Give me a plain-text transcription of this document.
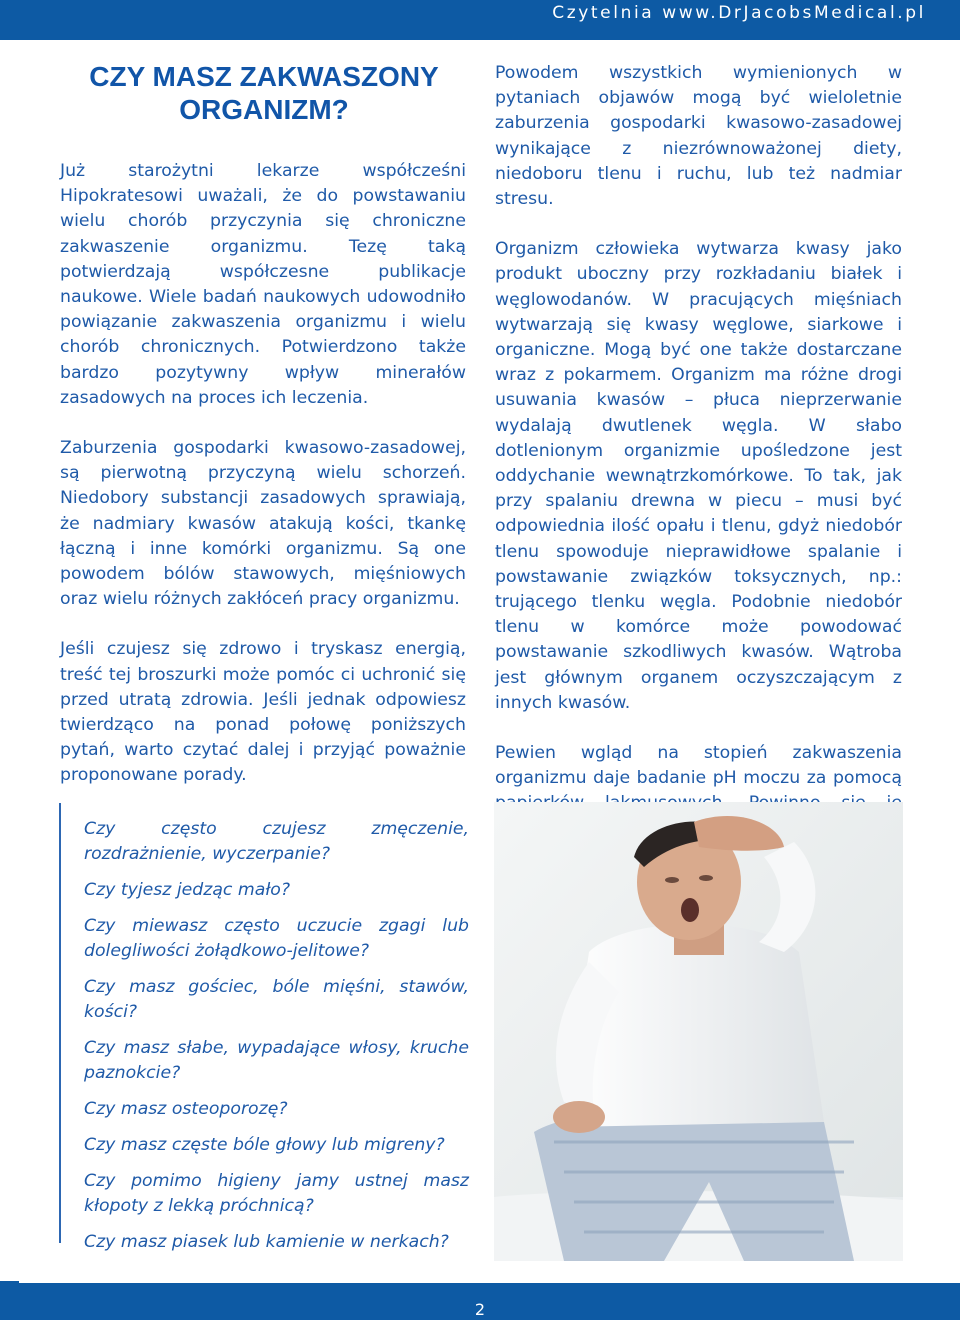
Czytelnia www.DrJacobsMedical.pl
CZY MASZ ZAKWASZONY ORGANIZM?

Już starożytni lekarze współcześni Hipokratesowi uważali, że do powstawaniu wielu chorób przyczynia się chroniczne zakwaszenie organizmu. Tezę taką potwierdzają współczesne publikacje naukowe. Wiele badań naukowych udowodniło powiązanie zakwaszenia organizmu i wielu chorób chronicznych. Potwierdzono także bardzo pozytywny wpływ minerałów zasadowych na proces ich leczenia.

Zaburzenia gospodarki kwasowo-zasadowej, są pierwotną przyczyną wielu schorzeń. Niedobory substancji zasadowych sprawiają, że nadmiary kwasów atakują kości, tkankę łączną i inne komórki organizmu. Są one powodem bólów stawowych, mięśniowych oraz wielu różnych zakłóceń pracy organizmu.

Jeśli czujesz się zdrowo i tryskasz energią, treść tej broszurki może pomóc ci uchronić się przed utratą zdrowia. Jeśli jednak odpowiesz twierdząco na ponad połowę poniższych pytań, warto czytać dalej i przyjąć poważnie proponowane porady.

Powodem wszystkich wymienionych w pytaniach objawów mogą być wieloletnie zaburzenia gospodarki kwasowo-zasadowej wynikające z niezrównoważonej diety, niedoboru tlenu i ruchu, lub też nadmiar stresu.

Organizm człowieka wytwarza kwasy jako produkt uboczny przy rozkładaniu białek i węglowodanów. W pracujących mięśniach wytwarzają się kwasy węglowe, siarkowe i organiczne. Mogą być one także dostarczane wraz z pokarmem. Organizm ma różne drogi usuwania kwasów – płuca nieprzerwanie wydalają dwutlenek węgla. W słabo dotlenionym organizmie upośledzone jest oddychanie wewnątrzkomórkowe. To tak, jak przy spalaniu drewna w piecu – musi być odpowiednia ilość opału i tlenu, gdyż niedobór tlenu spowoduje nieprawidłowe spalanie i powstawanie związków toksycznych, np.: trującego tlenku węgla. Podobnie niedobór tlenu w komórce może powodować powstawanie szkodliwych kwasów. Wątroba jest głównym organem oczyszczającym z innych kwasów.

Pewien wgląd na stopień zakwaszenia organizmu daje badanie pH moczu za pomocą

Czy często czujesz zmęczenie, rozdrażnienie, wyczerpanie?
Czy tyjesz jedząc mało?
Czy miewasz często uczucie zgagi lub dolegliwości żołądkowo-jelitowe?
Czy masz gościec, bóle mięśni, stawów, kości?
Czy masz słabe, wypadające włosy, kruche paznokcie?
Czy masz osteoporozę?
Czy masz częste bóle głowy lub migreny?
Czy pomimo higieny jamy ustnej masz kłopoty z lekką próchnicą?
Czy masz piasek lub kamienie w nerkach?
2
